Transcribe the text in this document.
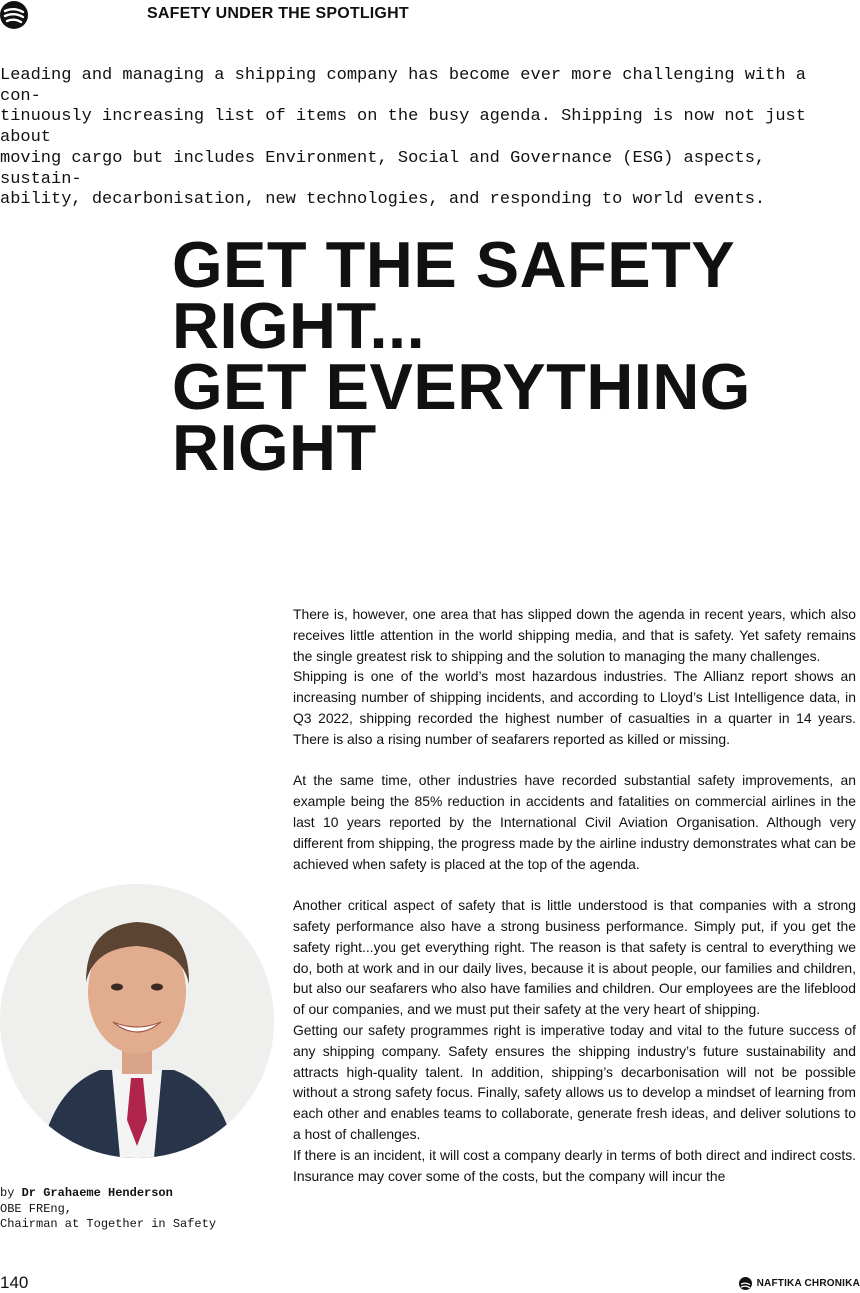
SAFETY UNDER THE SPOTLIGHT

Leading and managing a shipping company has become ever more challenging with a con-
tinuously increasing list of items on the busy agenda. Shipping is now not just about
moving cargo but includes Environment, Social and Governance (ESG) aspects, sustain-
ability, decarbonisation, new technologies, and responding to world events.

GET THE SAFETY
RIGHT...
GET EVERYTHING
RIGHT

There is, however, one area that has slipped down the agenda in recent years, which also receives little attention in the world shipping media, and that is safety. Yet safety remains the single greatest risk to shipping and the solution to managing the many challenges.

Shipping is one of the world’s most hazardous industries. The Allianz report shows an increasing number of shipping incidents, and according to Lloyd’s List Intelligence data, in Q3 2022, shipping recorded the highest number of casualties in a quarter in 14 years. There is also a rising number of seafarers reported as killed or missing.

At the same time, other industries have recorded substantial safety improvements, an example being the 85% reduction in accidents and fatalities on commercial airlines in the last 10 years reported by the International Civil Aviation Organisation. Although very different from shipping, the progress made by the airline industry demonstrates what can be achieved when safety is placed at the top of the agenda.

Another critical aspect of safety that is little understood is that companies with a strong safety performance also have a strong business performance. Simply put, if you get the safety right...you get everything right. The reason is that safety is central to everything we do, both at work and in our daily lives, because it is about people, our families and children, but also our seafarers who also have families and children. Our employees are the lifeblood of our companies, and we must put their safety at the very heart of shipping.

Getting our safety programmes right is imperative today and vital to the future success of any shipping company. Safety ensures the shipping industry’s future sustainability and attracts high-quality talent. In addition, shipping’s decarbonisation will not be possible without a strong safety focus. Finally, safety allows us to develop a mindset of learning from each other and enables teams to collaborate, generate fresh ideas, and deliver solutions to a host of challenges.

If there is an incident, it will cost a company dearly in terms of both direct and indirect costs. Insurance may cover some of the costs, but the company will incur the

by Dr Grahaeme Henderson
OBE FREng,
Chairman at Together in Safety
140	NAFTIKA CHRONIKA
